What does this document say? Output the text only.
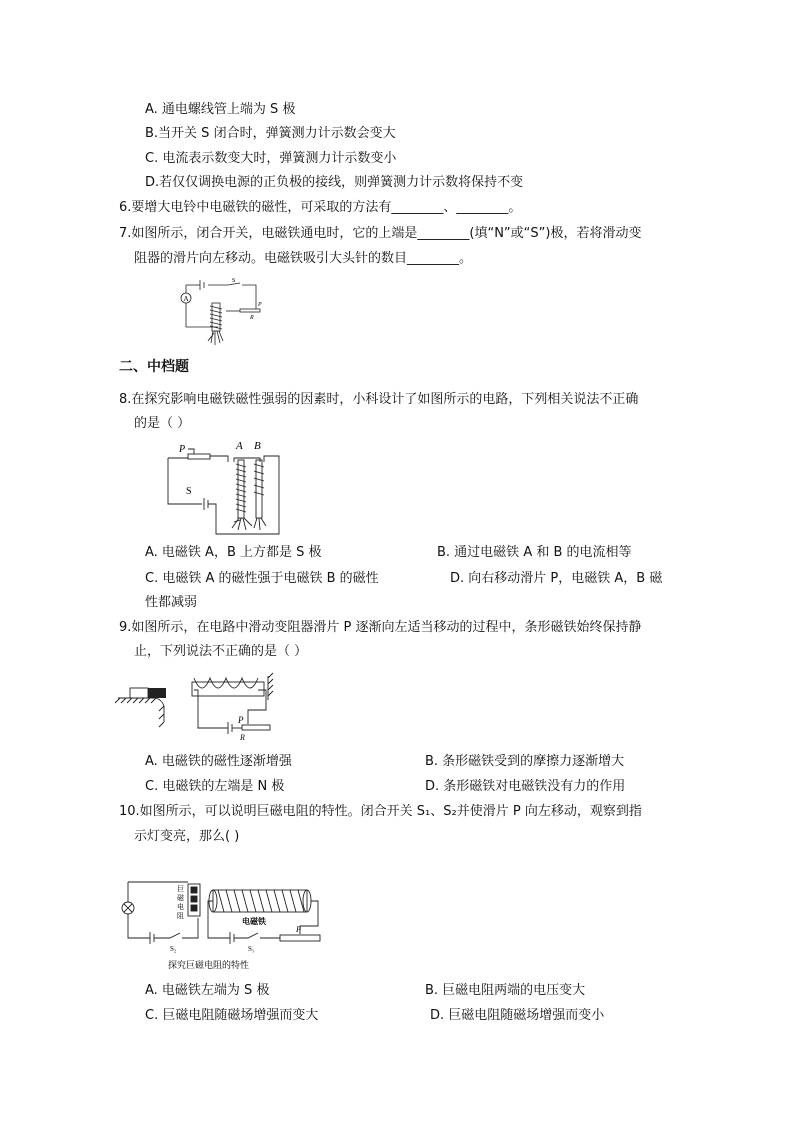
A. 通电螺线管上端为 S 极
B.当开关 S 闭合时，弹簧测力计示数会变大
C. 电流表示数变大时，弹簧测力计示数变小
D.若仅仅调换电源的正负极的接线，则弹簧测力计示数将保持不变
6.要增大电铃中电磁铁的磁性，可采取的方法有________、________。
7.如图所示，闭合开关，电磁铁通电时，它的上端是________(填“N”或“S”)极，若将滑动变
阻器的滑片向左移动。电磁铁吸引大头针的数目________。
A
S
P
R
二、中档题
8.在探究影响电磁铁磁性强弱的因素时，小科设计了如图所示的电路，下列相关说法不正确
的是（ ）
P
S
A B
A. 电磁铁 A，B 上方都是 S 极	B. 通过电磁铁 A 和 B 的电流相等
C. 电磁铁 A 的磁性强于电磁铁 B 的磁性	D. 向右移动滑片 P，电磁铁 A，B 磁
性都减弱
9.如图所示，在电路中滑动变阻器滑片 P 逐渐向左适当移动的过程中，条形磁铁始终保持静
止，下列说法不正确的是（ ）
P
R
A. 电磁铁的磁性逐渐增强	B. 条形磁铁受到的摩擦力逐渐增大
C. 电磁铁的左端是 N 极	D. 条形磁铁对电磁铁没有力的作用
10.如图所示，可以说明巨磁电阻的特性。闭合开关 S₁、S₂并使滑片 P 向左移动，观察到指
示灯变亮，那么( )
巨
磁
电
阻
电磁铁
P
S₂	S₁
探究巨磁电阻的特性
A. 电磁铁左端为 S 极	B. 巨磁电阻两端的电压变大
C. 巨磁电阻随磁场增强而变大	D. 巨磁电阻随磁场增强而变小
